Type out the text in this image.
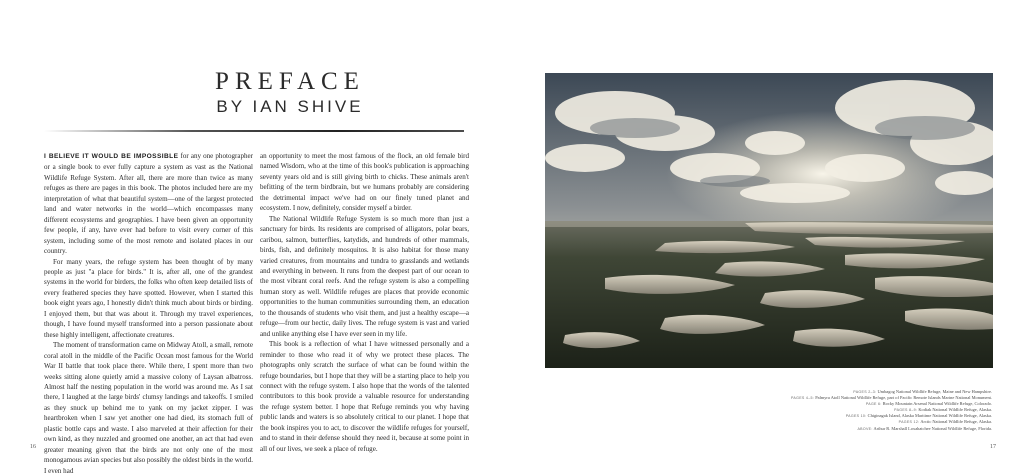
PREFACE
BY IAN SHIVE

I BELIEVE IT WOULD BE IMPOSSIBLE for any one photographer or a single book to ever fully capture a system as vast as the National Wildlife Refuge System. After all, there are more than twice as many refuges as there are pages in this book. The photos included here are my interpretation of what that beautiful system—one of the largest protected land and water networks in the world—which encompasses many different ecosystems and geographies. I have been given an opportunity few people, if any, have ever had before to visit every corner of this system, including some of the most remote and isolated places in our country.

For many years, the refuge system has been thought of by many people as just "a place for birds." It is, after all, one of the grandest systems in the world for birders, the folks who often keep detailed lists of every feathered species they have spotted. However, when I started this book eight years ago, I honestly didn't think much about birds or birding. I enjoyed them, but that was about it. Through my travel experiences, though, I have found myself transformed into a person passionate about these highly intelligent, affectionate creatures.

The moment of transformation came on Midway Atoll, a small, remote coral atoll in the middle of the Pacific Ocean most famous for the World War II battle that took place there. While there, I spent more than two weeks sitting alone quietly amid a massive colony of Laysan albatross. Almost half the nesting population in the world was around me. As I sat there, I laughed at the large birds' clumsy landings and takeoffs. I smiled as they snuck up behind me to yank on my jacket zipper. I was heartbroken when I saw yet another one had died, its stomach full of plastic bottle caps and waste. I also marveled at their affection for their own kind, as they nuzzled and groomed one another, an act that had even greater meaning given that the birds are not only one of the most monogamous avian species but also possibly the oldest birds in the world. I even had

an opportunity to meet the most famous of the flock, an old female bird named Wisdom, who at the time of this book's publication is approaching seventy years old and is still giving birth to chicks. These animals aren't befitting of the term birdbrain, but we humans probably are considering the detrimental impact we've had on our finely tuned planet and ecosystem. I now, definitely, consider myself a birder.

The National Wildlife Refuge System is so much more than just a sanctuary for birds. Its residents are comprised of alligators, polar bears, caribou, salmon, butterflies, katydids, and hundreds of other mammals, birds, fish, and definitely mosquitos. It is also habitat for those many varied creatures, from mountains and tundra to grasslands and wetlands and everything in between. It runs from the deepest part of our ocean to the most vibrant coral reefs. And the refuge system is also a compelling human story as well. Wildlife refuges are places that provide economic opportunities to the human communities surrounding them, an education to the thousands of students who visit them, and just a healthy escape—a refuge—from our hectic, daily lives. The refuge system is vast and varied and unlike anything else I have ever seen in my life.

This book is a reflection of what I have witnessed personally and a reminder to those who read it of why we protect these places. The photographs only scratch the surface of what can be found within the refuge boundaries, but I hope that they will be a starting place to help you connect with the refuge system. I also hope that the words of the talented contributors to this book provide a valuable resource for understanding the refuge system better. I hope that Refuge reminds you why having public lands and waters is so absolutely critical to our planet. I hope that the book inspires you to act, to discover the wildlife refuges for yourself, and to stand in their defense should they need it, because at some point in all of our lives, we seek a place of refuge.

16	17
PAGES 2–3: Umbagog National Wildlife Refuge, Maine and New Hampshire.
PAGES 4–5: Palmyra Atoll National Wildlife Refuge, part of Pacific Remote Islands Marine National Monument.
PAGE 6: Rocky Mountain Arsenal National Wildlife Refuge, Colorado.
PAGES 8–9: Kodiak National Wildlife Refuge, Alaska.
PAGES 10: Chiginagak Island, Alaska Maritime National Wildlife Refuge, Alaska.
PAGES 12: Arctic National Wildlife Refuge, Alaska.
ABOVE: Arthur R. Marshall Loxahatchee National Wildlife Refuge, Florida.
